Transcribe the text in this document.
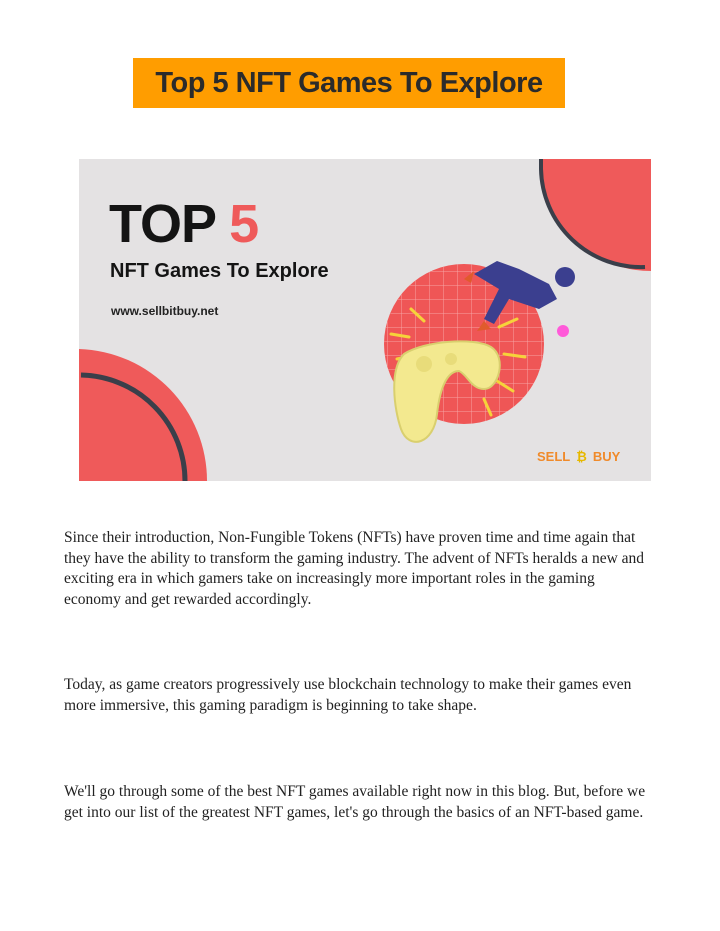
Top 5 NFT Games To Explore
TOP 5
NFT Games To Explore
www.sellbitbuy.net
SELL ₿ BUY

Since their introduction, Non-Fungible Tokens (NFTs) have proven time and time again that they have the ability to transform the gaming industry. The advent of NFTs heralds a new and exciting era in which gamers take on increasingly more important roles in the gaming economy and get rewarded accordingly.

Today, as game creators progressively use blockchain technology to make their games even more immersive, this gaming paradigm is beginning to take shape.

We'll go through some of the best NFT games available right now in this blog. But, before we get into our list of the greatest NFT games, let's go through the basics of an NFT-based game.
